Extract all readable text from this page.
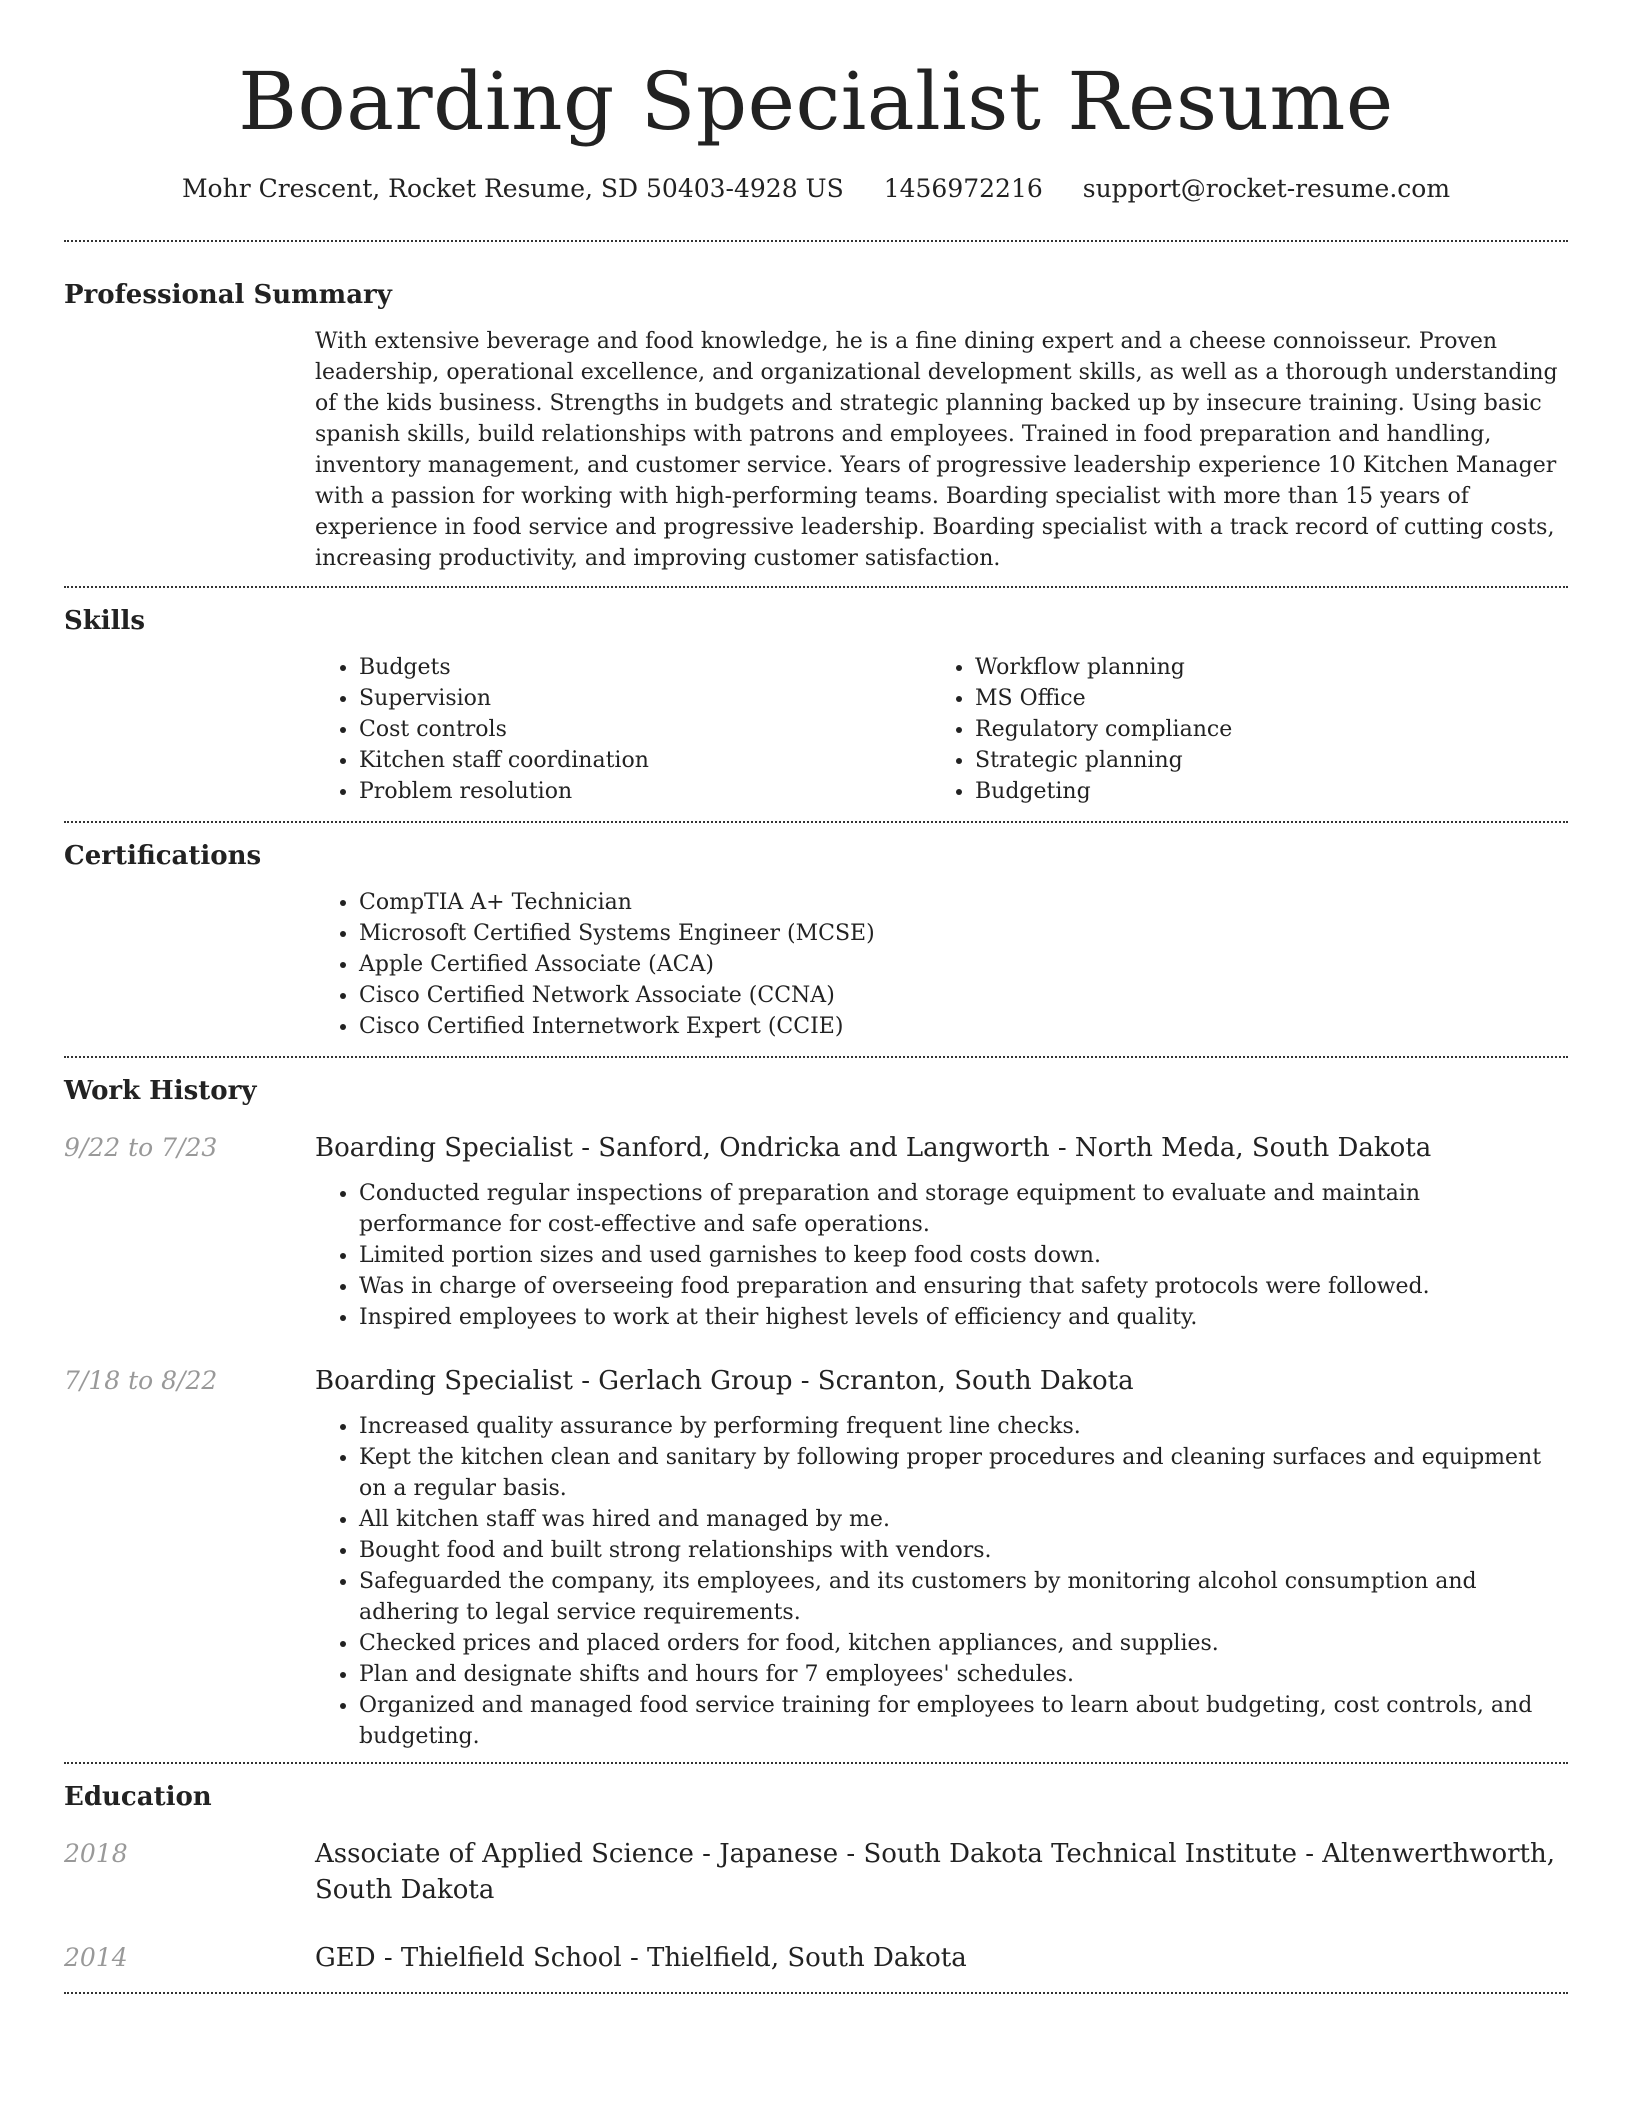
Boarding Specialist Resume
Mohr Crescent, Rocket Resume, SD 50403-4928 US 1456972216 support@rocket-resume.com
Professional Summary
With extensive beverage and food knowledge, he is a fine dining expert and a cheese connoisseur. Proven leadership, operational excellence, and organizational development skills, as well as a thorough understanding of the kids business. Strengths in budgets and strategic planning backed up by insecure training. Using basic spanish skills, build relationships with patrons and employees. Trained in food preparation and handling, inventory management, and customer service. Years of progressive leadership experience 10 Kitchen Manager with a passion for working with high-performing teams. Boarding specialist with more than 15 years of experience in food service and progressive leadership. Boarding specialist with a track record of cutting costs, increasing productivity, and improving customer satisfaction.
Skills
• Budgets
• Supervision
• Cost controls
• Kitchen staff coordination
• Problem resolution
• Workflow planning
• MS Office
• Regulatory compliance
• Strategic planning
• Budgeting
Certifications
• CompTIA A+ Technician
• Microsoft Certified Systems Engineer (MCSE)
• Apple Certified Associate (ACA)
• Cisco Certified Network Associate (CCNA)
• Cisco Certified Internetwork Expert (CCIE)
Work History
9/22 to 7/23	Boarding Specialist - Sanford, Ondricka and Langworth - North Meda, South Dakota
• Conducted regular inspections of preparation and storage equipment to evaluate and maintain performance for cost-effective and safe operations.
• Limited portion sizes and used garnishes to keep food costs down.
• Was in charge of overseeing food preparation and ensuring that safety protocols were followed.
• Inspired employees to work at their highest levels of efficiency and quality.
7/18 to 8/22	Boarding Specialist - Gerlach Group - Scranton, South Dakota
• Increased quality assurance by performing frequent line checks.
• Kept the kitchen clean and sanitary by following proper procedures and cleaning surfaces and equipment on a regular basis.
• All kitchen staff was hired and managed by me.
• Bought food and built strong relationships with vendors.
• Safeguarded the company, its employees, and its customers by monitoring alcohol consumption and adhering to legal service requirements.
• Checked prices and placed orders for food, kitchen appliances, and supplies.
• Plan and designate shifts and hours for 7 employees' schedules.
• Organized and managed food service training for employees to learn about budgeting, cost controls, and budgeting.
Education
2018	Associate of Applied Science - Japanese - South Dakota Technical Institute - Altenwerthworth, South Dakota
2014	GED - Thielfield School - Thielfield, South Dakota
